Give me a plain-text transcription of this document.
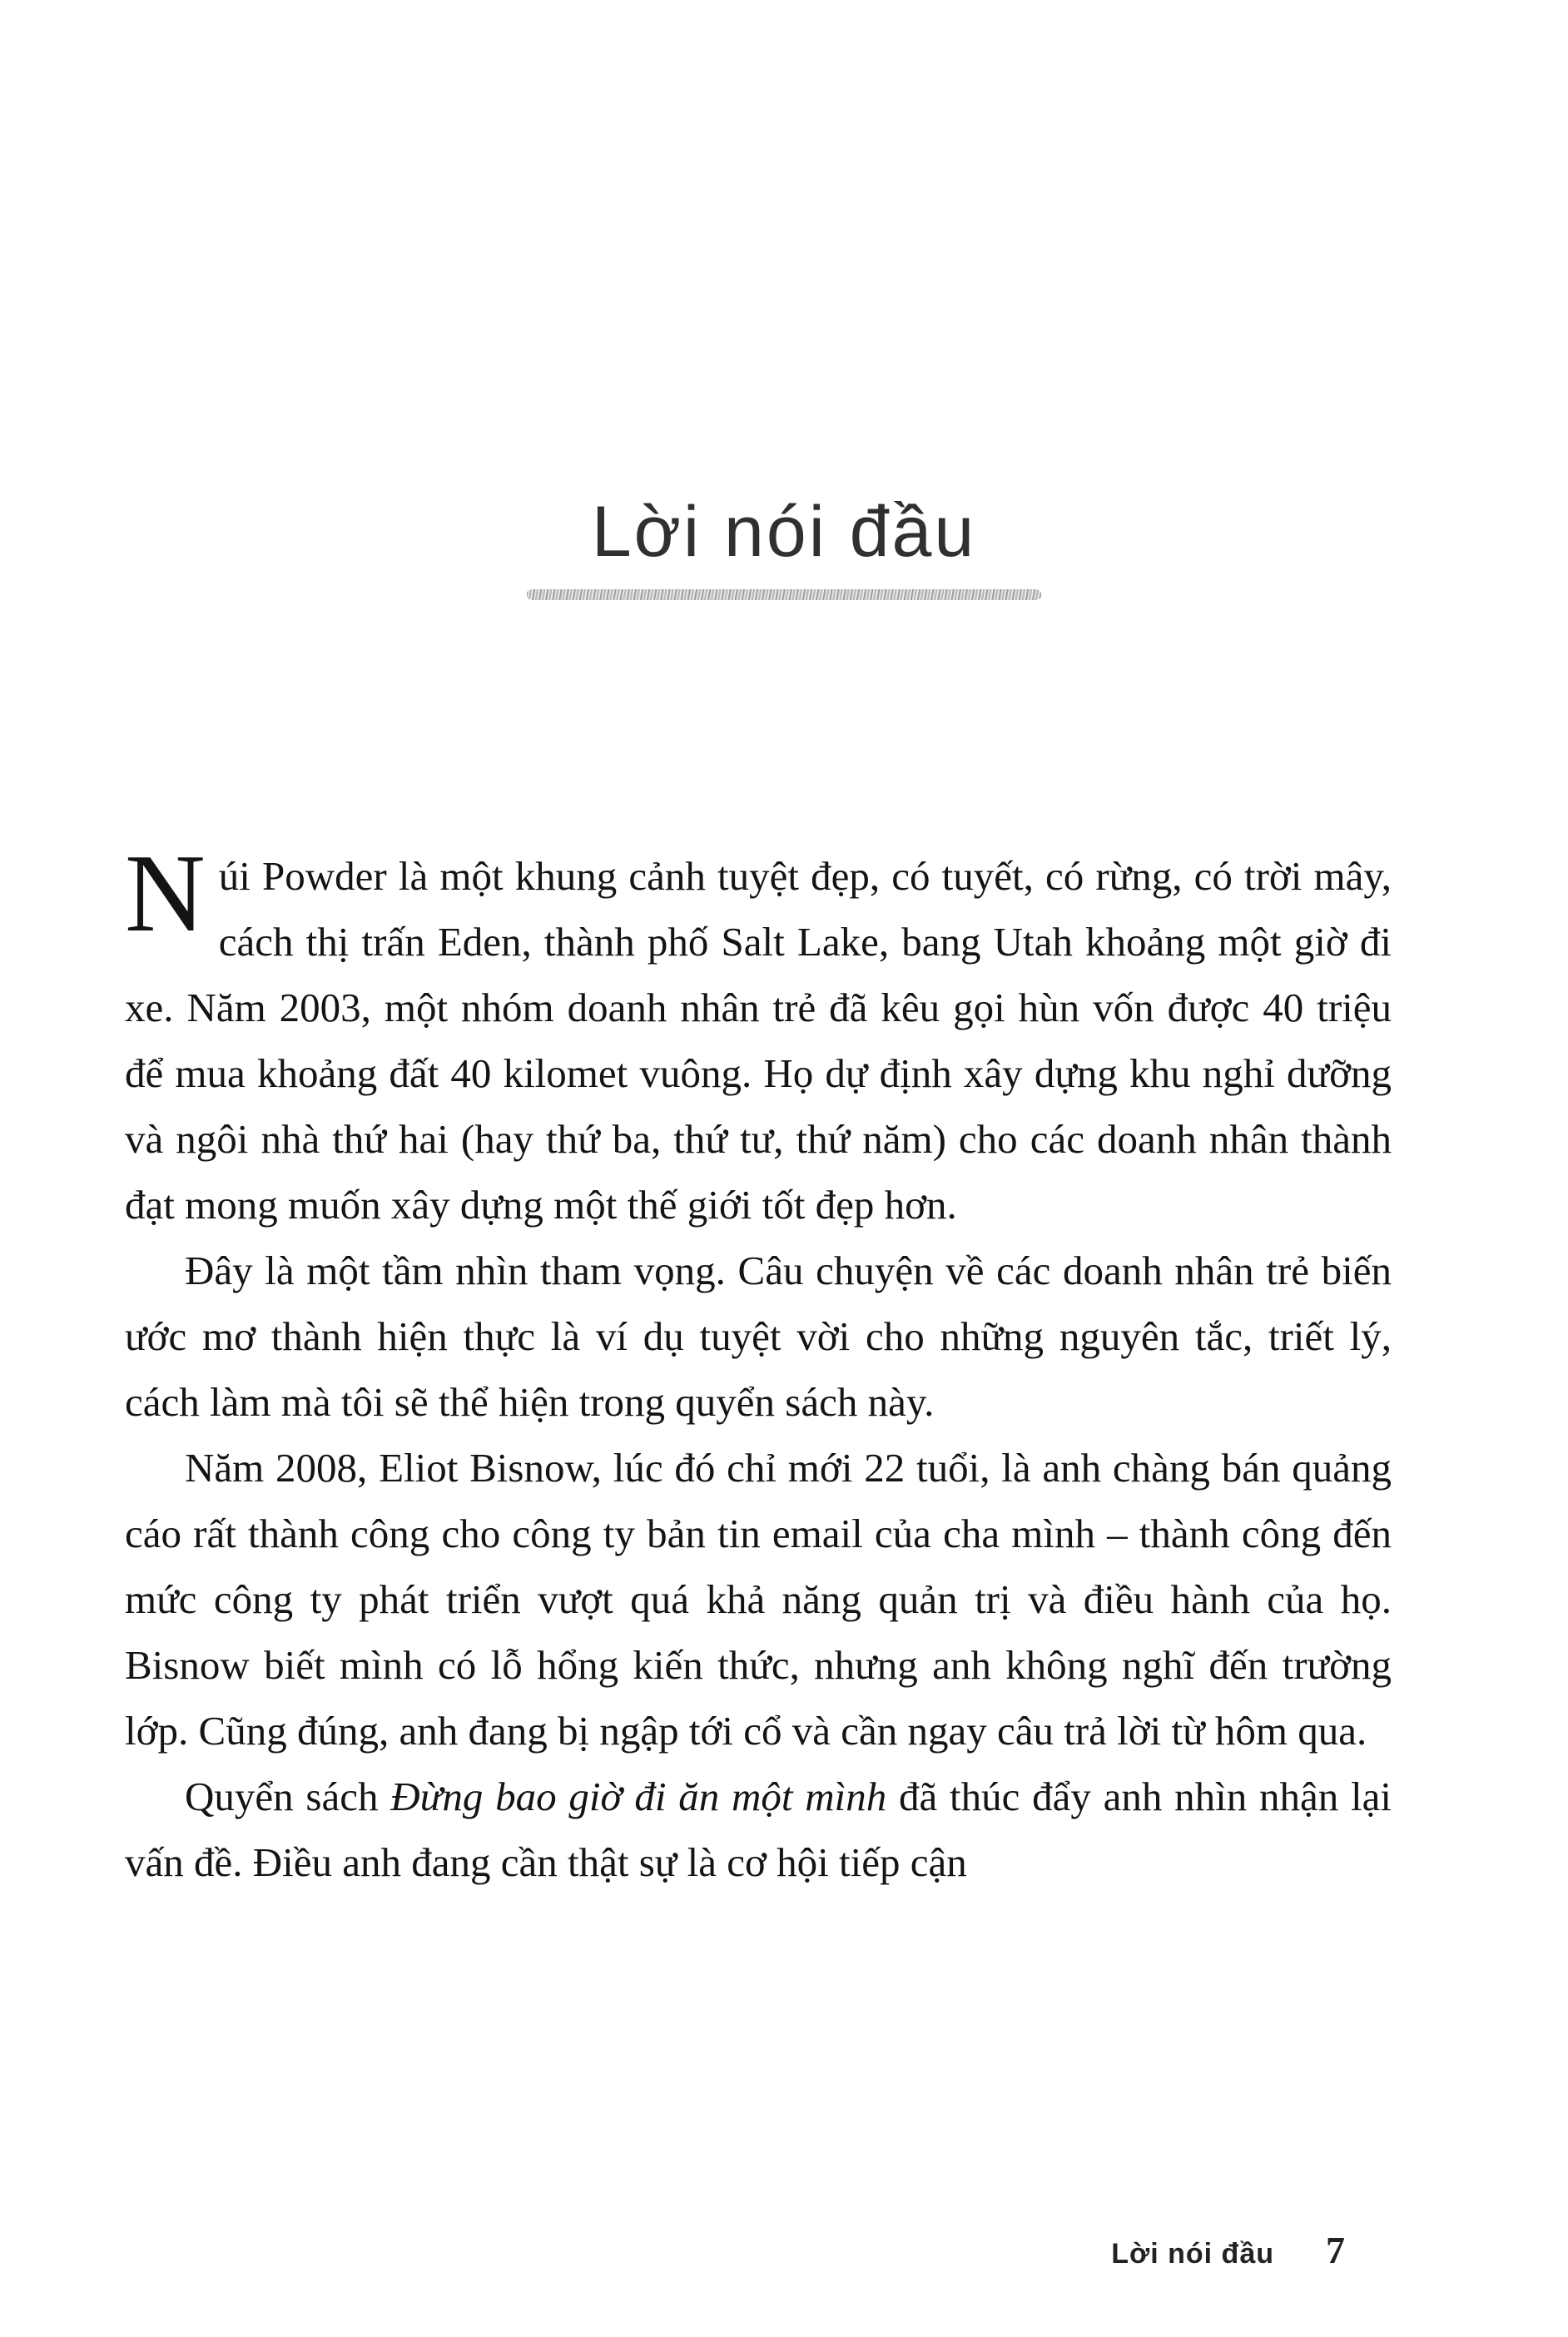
Lời nói đầu

Núi Powder là một khung cảnh tuyệt đẹp, có tuyết, có rừng, có trời mây, cách thị trấn Eden, thành phố Salt Lake, bang Utah khoảng một giờ đi xe. Năm 2003, một nhóm doanh nhân trẻ đã kêu gọi hùn vốn được 40 triệu để mua khoảng đất 40 kilomet vuông. Họ dự định xây dựng khu nghỉ dưỡng và ngôi nhà thứ hai (hay thứ ba, thứ tư, thứ năm) cho các doanh nhân thành đạt mong muốn xây dựng một thế giới tốt đẹp hơn.

Đây là một tầm nhìn tham vọng. Câu chuyện về các doanh nhân trẻ biến ước mơ thành hiện thực là ví dụ tuyệt vời cho những nguyên tắc, triết lý, cách làm mà tôi sẽ thể hiện trong quyển sách này.

Năm 2008, Eliot Bisnow, lúc đó chỉ mới 22 tuổi, là anh chàng bán quảng cáo rất thành công cho công ty bản tin email của cha mình – thành công đến mức công ty phát triển vượt quá khả năng quản trị và điều hành của họ. Bisnow biết mình có lỗ hổng kiến thức, nhưng anh không nghĩ đến trường lớp. Cũng đúng, anh đang bị ngập tới cổ và cần ngay câu trả lời từ hôm qua.

Quyển sách Đừng bao giờ đi ăn một mình đã thúc đẩy anh nhìn nhận lại vấn đề. Điều anh đang cần thật sự là cơ hội tiếp cận

Lời nói đầu 7
